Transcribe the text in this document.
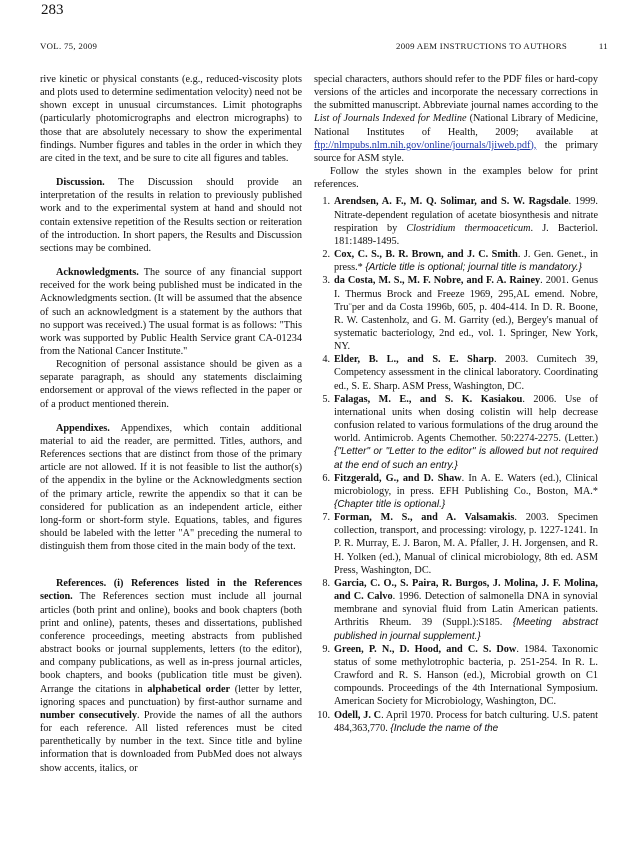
283
VOL. 75, 2009	2009 AEM INSTRUCTIONS TO AUTHORS	11

rive kinetic or physical constants (e.g., reduced-viscosity plots and plots used to determine sedimentation velocity) need not be shown except in unusual circumstances. Limit photographs (particularly photomicrographs and electron micrographs) to those that are absolutely necessary to show the experimental findings. Number figures and tables in the order in which they are cited in the text, and be sure to cite all figures and tables.

Discussion. The Discussion should provide an interpretation of the results in relation to previously published work and to the experimental system at hand and should not contain extensive repetition of the Results section or reiteration of the introduction. In short papers, the Results and Discussion sections may be combined.

Acknowledgments. The source of any financial support received for the work being published must be indicated in the Acknowledgments section. (It will be assumed that the absence of such an acknowledgment is a statement by the authors that no support was received.) The usual format is as follows: "This work was supported by Public Health Service grant CA-01234 from the National Cancer Institute."

Recognition of personal assistance should be given as a separate paragraph, as should any statements disclaiming endorsement or approval of the views reflected in the paper or of a product mentioned therein.

Appendixes. Appendixes, which contain additional material to aid the reader, are permitted. Titles, authors, and References sections that are distinct from those of the primary article are not allowed. If it is not feasible to list the author(s) of the appendix in the byline or the Acknowledgments section of the primary article, rewrite the appendix so that it can be considered for publication as an independent article, either long-form or short-form style. Equations, tables, and figures should be labeled with the letter "A" preceding the numeral to distinguish them from those cited in the main body of the text.

References. (i) References listed in the References section. The References section must include all journal articles (both print and online), books and book chapters (both print and online), patents, theses and dissertations, published conference proceedings, meeting abstracts from published abstract books or journal supplements, letters (to the editor), and company publications, as well as in-press journal articles, book chapters, and books (publication title must be given). Arrange the citations in alphabetical order (letter by letter, ignoring spaces and punctuation) by first-author surname and number consecutively. Provide the names of all the authors for each reference. All listed references must be cited parenthetically by number in the text. Since title and byline information that is downloaded from PubMed does not always show accents, italics, or

special characters, authors should refer to the PDF files or hard-copy versions of the articles and incorporate the necessary corrections in the submitted manuscript. Abbreviate journal names according to the List of Journals Indexed for Medline (National Library of Medicine, National Institutes of Health, 2009; available at ftp://nlmpubs.nlm.nih.gov/online/journals/ljiweb.pdf), the primary source for ASM style.

Follow the styles shown in the examples below for print references.

1. Arendsen, A. F., M. Q. Solimar, and S. W. Ragsdale. 1999. Nitrate-dependent regulation of acetate biosynthesis and nitrate respiration by Clostridium thermoaceticum. J. Bacteriol. 181:1489-1495.
2. Cox, C. S., B. R. Brown, and J. C. Smith. J. Gen. Genet., in press.* {Article title is optional; journal title is mandatory.}
3. da Costa, M. S., M. F. Nobre, and F. A. Rainey. 2001. Genus I. Thermus Brock and Freeze 1969, 295,AL emend. Nobre, Tru¨per and da Costa 1996b, 605, p. 404-414. In D. R. Boone, R. W. Castenholz, and G. M. Garrity (ed.), Bergey's manual of systematic bacteriology, 2nd ed., vol. 1. Springer, New York, NY.
4. Elder, B. L., and S. E. Sharp. 2003. Cumitech 39, Competency assessment in the clinical laboratory. Coordinating ed., S. E. Sharp. ASM Press, Washington, DC.
5. Falagas, M. E., and S. K. Kasiakou. 2006. Use of international units when dosing colistin will help decrease confusion related to various formulations of the drug around the world. Antimicrob. Agents Chemother. 50:2274-2275. (Letter.) {"Letter" or "Letter to the editor" is allowed but not required at the end of such an entry.}
6. Fitzgerald, G., and D. Shaw. In A. E. Waters (ed.), Clinical microbiology, in press. EFH Publishing Co., Boston, MA.* {Chapter title is optional.}
7. Forman, M. S., and A. Valsamakis. 2003. Specimen collection, transport, and processing: virology, p. 1227-1241. In P. R. Murray, E. J. Baron, M. A. Pfaller, J. H. Jorgensen, and R. H. Yolken (ed.), Manual of clinical microbiology, 8th ed. ASM Press, Washington, DC.
8. Garcia, C. O., S. Paira, R. Burgos, J. Molina, J. F. Molina, and C. Calvo. 1996. Detection of salmonella DNA in synovial membrane and synovial fluid from Latin American patients. Arthritis Rheum. 39 (Suppl.):S185. {Meeting abstract published in journal supplement.}
9. Green, P. N., D. Hood, and C. S. Dow. 1984. Taxonomic status of some methylotrophic bacteria, p. 251-254. In R. L. Crawford and R. S. Hanson (ed.), Microbial growth on C1 compounds. Proceedings of the 4th International Symposium. American Society for Microbiology, Washington, DC.
10. Odell, J. C. April 1970. Process for batch culturing. U.S. patent 484,363,770. {Include the name of the
